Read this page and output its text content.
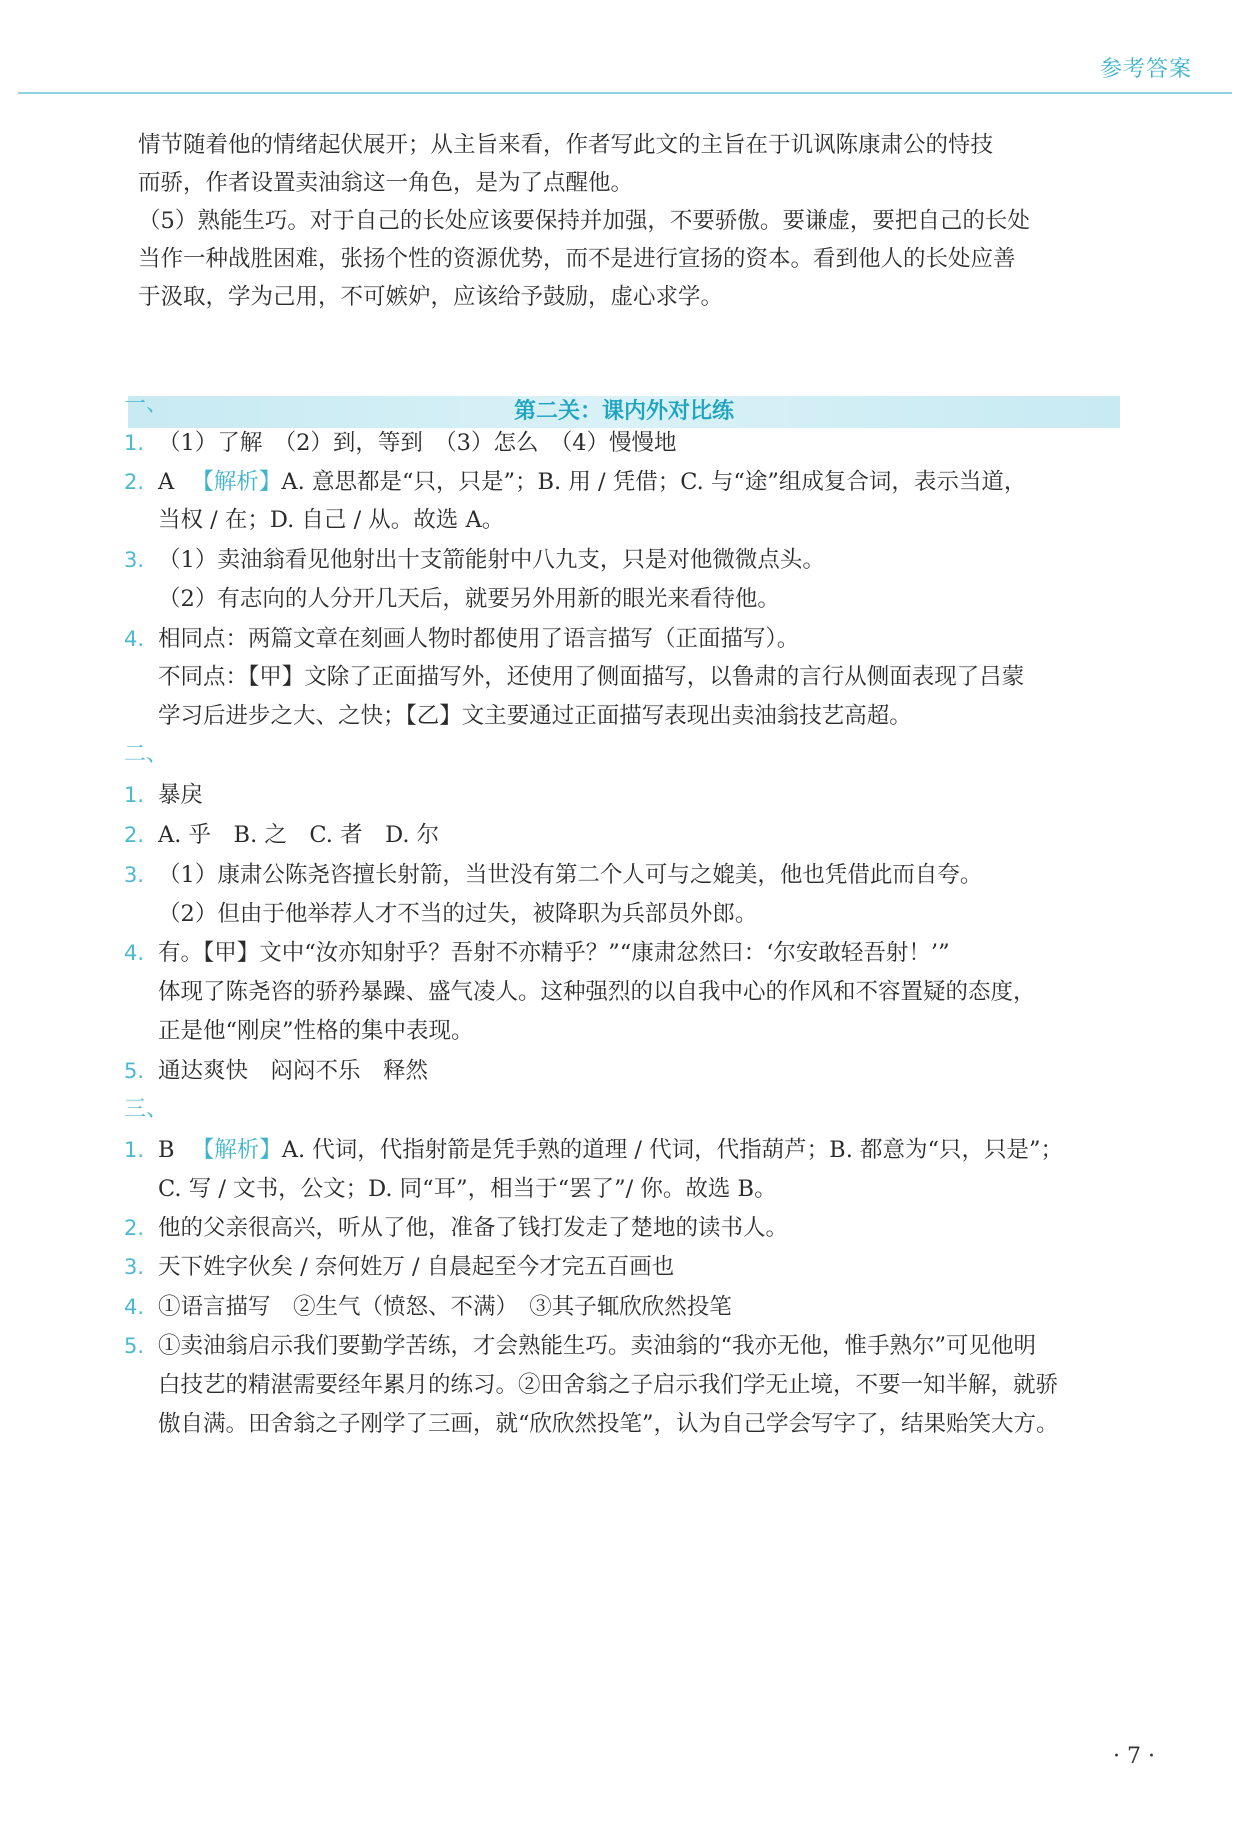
参考答案
情节随着他的情绪起伏展开；从主旨来看，作者写此文的主旨在于讥讽陈康肃公的恃技
而骄，作者设置卖油翁这一角色，是为了点醒他。
（5）熟能生巧。对于自己的长处应该要保持并加强，不要骄傲。要谦虚，要把自己的长处
当作一种战胜困难，张扬个性的资源优势，而不是进行宣扬的资本。看到他人的长处应善
于汲取，学为己用，不可嫉妒，应该给予鼓励，虚心求学。
第二关：课内外对比练
一、
1. （1）了解　（2）到，等到　（3）怎么　（4）慢慢地
2. A 【解析】A. 意思都是“只，只是”；B. 用 / 凭借；C. 与“途”组成复合词，表示当道，
当权 / 在；D. 自己 / 从。故选 A。
3. （1）卖油翁看见他射出十支箭能射中八九支，只是对他微微点头。
（2）有志向的人分开几天后，就要另外用新的眼光来看待他。
4. 相同点：两篇文章在刻画人物时都使用了语言描写（正面描写）。
不同点：【甲】文除了正面描写外，还使用了侧面描写，以鲁肃的言行从侧面表现了吕蒙
学习后进步之大、之快；【乙】文主要通过正面描写表现出卖油翁技艺高超。
二、
1. 暴戾
2. A. 乎　B. 之　C. 者　D. 尔
3. （1）康肃公陈尧咨擅长射箭，当世没有第二个人可与之媲美，他也凭借此而自夸。
（2）但由于他举荐人才不当的过失，被降职为兵部员外郎。
4. 有。【甲】文中“汝亦知射乎？吾射不亦精乎？”“康肃忿然曰：‘尔安敢轻吾射！’”
体现了陈尧咨的骄矜暴躁、盛气凌人。这种强烈的以自我中心的作风和不容置疑的态度，
正是他“刚戾”性格的集中表现。
5. 通达爽快　闷闷不乐　释然
三、
1. B 【解析】A. 代词，代指射箭是凭手熟的道理 / 代词，代指葫芦；B. 都意为“只，只是”；
C. 写 / 文书，公文；D. 同“耳”，相当于“罢了”/ 你。故选 B。
2. 他的父亲很高兴，听从了他，准备了钱打发走了楚地的读书人。
3. 天下姓字伙矣 / 奈何姓万 / 自晨起至今才完五百画也
4. ①语言描写　②生气（愤怒、不满）　③其子辄欣欣然投笔
5. ①卖油翁启示我们要勤学苦练，才会熟能生巧。卖油翁的“我亦无他，惟手熟尔”可见他明
白技艺的精湛需要经年累月的练习。②田舍翁之子启示我们学无止境，不要一知半解，就骄
傲自满。田舍翁之子刚学了三画，就“欣欣然投笔”，认为自己学会写字了，结果贻笑大方。
· 7 ·
